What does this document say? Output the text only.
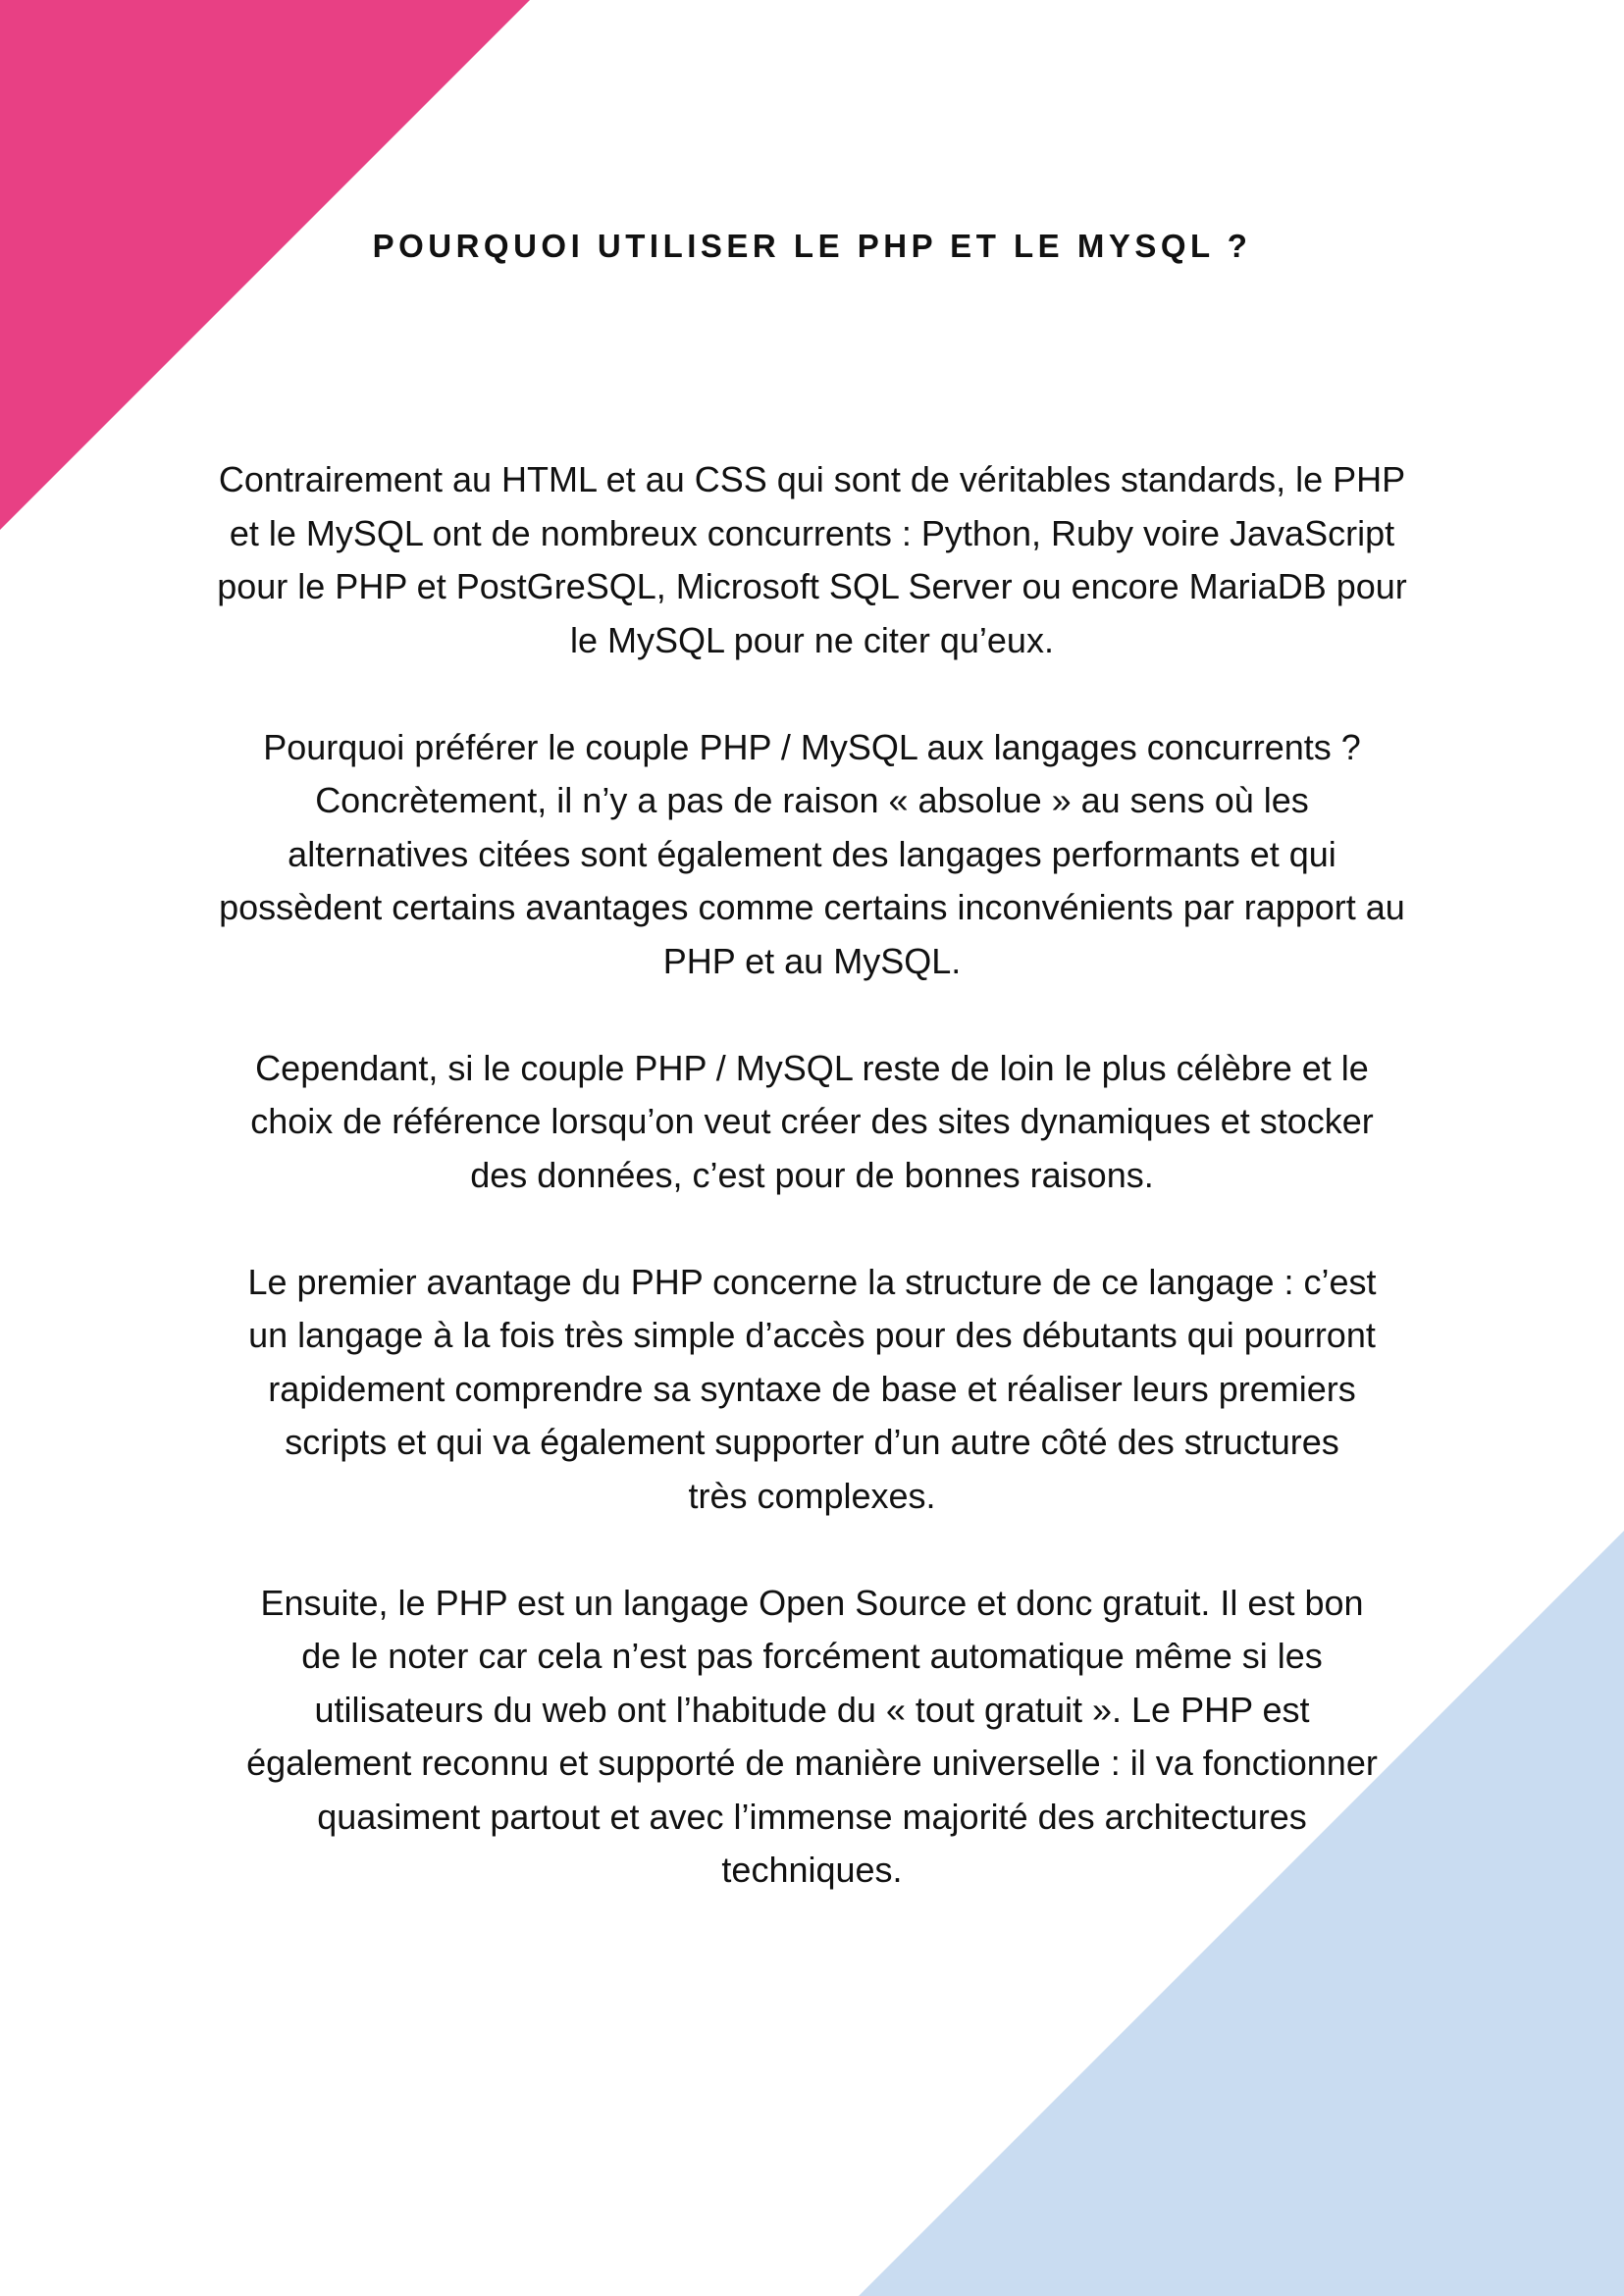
POURQUOI UTILISER LE PHP ET LE MYSQL ?

Contrairement au HTML et au CSS qui sont de véritables standards, le PHP
et le MySQL ont de nombreux concurrents : Python, Ruby voire JavaScript
pour le PHP et PostGreSQL, Microsoft SQL Server ou encore MariaDB pour
le MySQL pour ne citer qu’eux.

Pourquoi préférer le couple PHP / MySQL aux langages concurrents ?
Concrètement, il n’y a pas de raison « absolue » au sens où les
alternatives citées sont également des langages performants et qui
possèdent certains avantages comme certains inconvénients par rapport au
PHP et au MySQL.

Cependant, si le couple PHP / MySQL reste de loin le plus célèbre et le
choix de référence lorsqu’on veut créer des sites dynamiques et stocker
des données, c’est pour de bonnes raisons.

Le premier avantage du PHP concerne la structure de ce langage : c’est
un langage à la fois très simple d’accès pour des débutants qui pourront
rapidement comprendre sa syntaxe de base et réaliser leurs premiers
scripts et qui va également supporter d’un autre côté des structures
très complexes.

Ensuite, le PHP est un langage Open Source et donc gratuit. Il est bon
de le noter car cela n’est pas forcément automatique même si les
utilisateurs du web ont l’habitude du « tout gratuit ». Le PHP est
également reconnu et supporté de manière universelle : il va fonctionner
quasiment partout et avec l’immense majorité des architectures
techniques.
